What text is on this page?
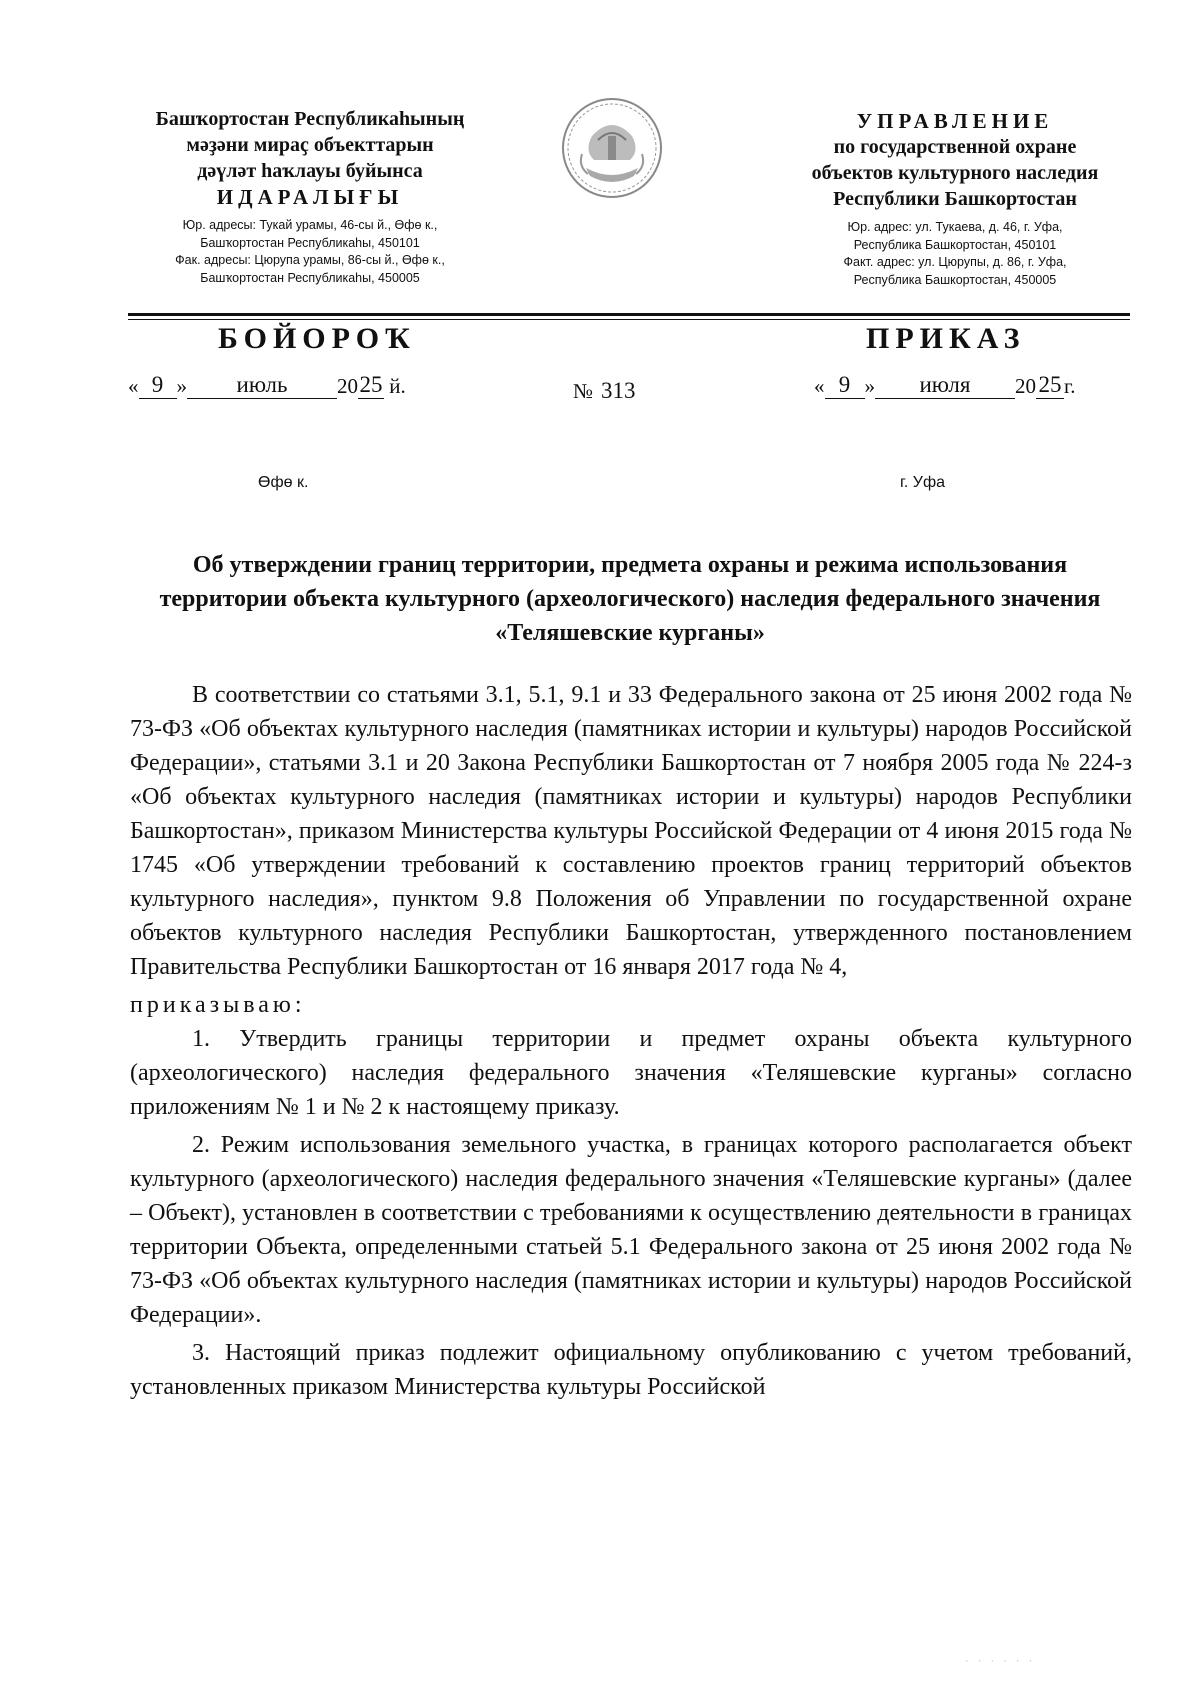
Башҡортостан Республикаһының
мәҙәни мираҫ объекттарын
дәүләт һаҡлауы буйынса
ИДАРАЛЫҒЫ
Юр. адресы: Тукай урамы, 46-сы й., Өфө к.,
Башҡортостан Республикаһы, 450101
Фак. адресы: Цюрупа урамы, 86-сы й., Өфө к.,
Башҡортостан Республикаһы, 450005
УПРАВЛЕНИЕ
по государственной охране
объектов культурного наследия
Республики Башкортостан
Юр. адрес: ул. Тукаева, д. 46, г. Уфа,
Республика Башкортостан, 450101
Факт. адрес: ул. Цюрупы, д. 86, г. Уфа,
Республика Башкортостан, 450005
БОЙОРОҠ	ПРИКАЗ
« 9 » июль 2025 й.	№ 313	« 9 » июля 20 25 г.
Өфө к.	г. Уфа
Об утверждении границ территории, предмета охраны и режима использования территории объекта культурного (археологического) наследия федерального значения «Теляшевские курганы»

В соответствии со статьями 3.1, 5.1, 9.1 и 33 Федерального закона от 25 июня 2002 года № 73-ФЗ «Об объектах культурного наследия (памятниках истории и культуры) народов Российской Федерации», статьями 3.1 и 20 Закона Республики Башкортостан от 7 ноября 2005 года № 224-з «Об объектах культурного наследия (памятниках истории и культуры) народов Республики Башкортостан», приказом Министерства культуры Российской Федерации от 4 июня 2015 года № 1745 «Об утверждении требований к составлению проектов границ территорий объектов культурного наследия», пунктом 9.8 Положения об Управлении по государственной охране объектов культурного наследия Республики Башкортостан, утвержденного постановлением Правительства Республики Башкортостан от 16 января 2017 года № 4,

приказываю:

1. Утвердить границы территории и предмет охраны объекта культурного (археологического) наследия федерального значения «Теляшевские курганы» согласно приложениям № 1 и № 2 к настоящему приказу.

2. Режим использования земельного участка, в границах которого располагается объект культурного (археологического) наследия федерального значения «Теляшевские курганы» (далее – Объект), установлен в соответствии с требованиями к осуществлению деятельности в границах территории Объекта, определенными статьей 5.1 Федерального закона от 25 июня 2002 года № 73-ФЗ «Об объектах культурного наследия (памятниках истории и культуры) народов Российской Федерации».

3. Настоящий приказ подлежит официальному опубликованию с учетом требований, установленных приказом Министерства культуры Российской

· · · · · ·
